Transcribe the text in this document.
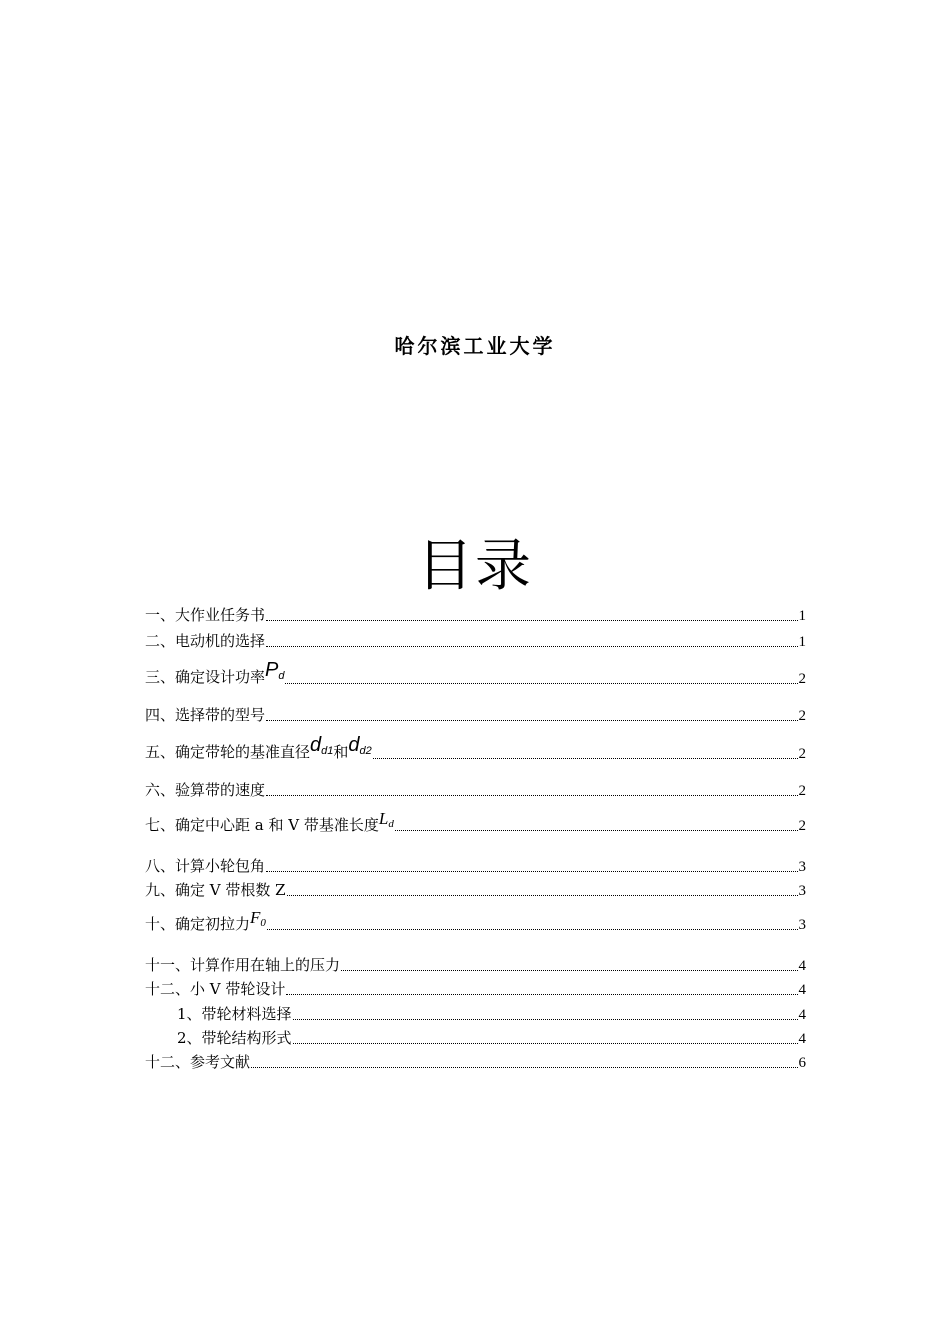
哈尔滨工业大学
目录
一、大作业任务书	1
二、电动机的选择	1
三、确定设计功率$P^d$	2
四、选择带的型号	2
五、确定带轮的基准直径$d^{d1}$和$d^{d2}$	2
六、验算带的速度	2
七、确定中心距 a 和 V 带基准长度$L^d$	2
八、计算小轮包角	3
九、确定 V 带根数 Z	3
十、确定初拉力$F^0$	3
十一、计算作用在轴上的压力	4
十二、小 V 带轮设计	4
1、带轮材料选择	4
2、带轮结构形式	4
十二、参考文献	6
